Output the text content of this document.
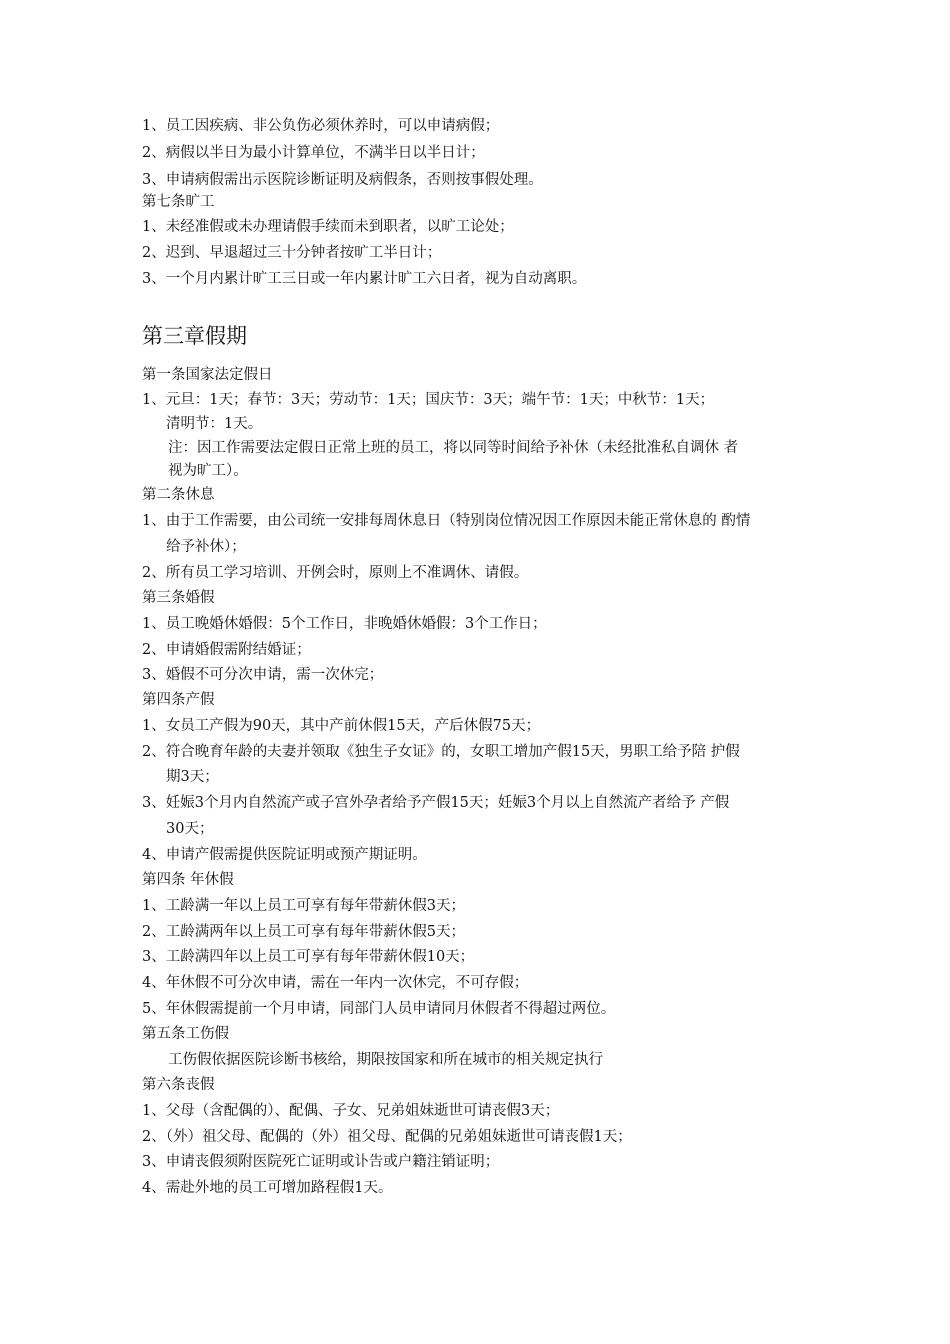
1、员工因疾病、非公负伤必须休养时，可以申请病假；
2、病假以半日为最小计算单位，不满半日以半日计；
3、申请病假需出示医院诊断证明及病假条，否则按事假处理。
第七条旷工
1、未经准假或未办理请假手续而未到职者，以旷工论处；
2、迟到、早退超过三十分钟者按旷工半日计；
3、一个月内累计旷工三日或一年内累计旷工六日者，视为自动离职。
第三章假期
第一条国家法定假日
1、元旦：1天；春节：3天；劳动节：1天；国庆节：3天；端午节：1天；中秋节：1天；
清明节：1天。
注：因工作需要法定假日正常上班的员工，将以同等时间给予补休（未经批准私自调休 者
视为旷工）。
第二条休息
1、由于工作需要，由公司统一安排每周休息日（特别岗位情况因工作原因未能正常休息的 酌情
给予补休）；
2、所有员工学习培训、开例会时，原则上不准调休、请假。
第三条婚假
1、员工晚婚休婚假：5个工作日，非晚婚休婚假：3个工作日；
2、申请婚假需附结婚证；
3、婚假不可分次申请，需一次休完；
第四条产假
1、女员工产假为90天，其中产前休假15天，产后休假75天；
2、符合晚育年龄的夫妻并领取《独生子女证》的，女职工增加产假15天，男职工给予陪 护假
期3天；
3、妊娠3个月内自然流产或子宫外孕者给予产假15天；妊娠3个月以上自然流产者给予 产假
30天；
4、申请产假需提供医院证明或预产期证明。
第四条 年休假
1、工龄满一年以上员工可享有每年带薪休假3天；
2、工龄满两年以上员工可享有每年带薪休假5天；
3、工龄满四年以上员工可享有每年带薪休假10天；
4、年休假不可分次申请，需在一年内一次休完，不可存假；
5、年休假需提前一个月申请，同部门人员申请同月休假者不得超过两位。
第五条工伤假
工伤假依据医院诊断书核给，期限按国家和所在城市的相关规定执行
第六条丧假
1、父母（含配偶的）、配偶、子女、兄弟姐妹逝世可请丧假3天；
2、（外）祖父母、配偶的（外）祖父母、配偶的兄弟姐妹逝世可请丧假1天；
3、申请丧假须附医院死亡证明或讣告或户籍注销证明；
4、需赴外地的员工可增加路程假1天。
